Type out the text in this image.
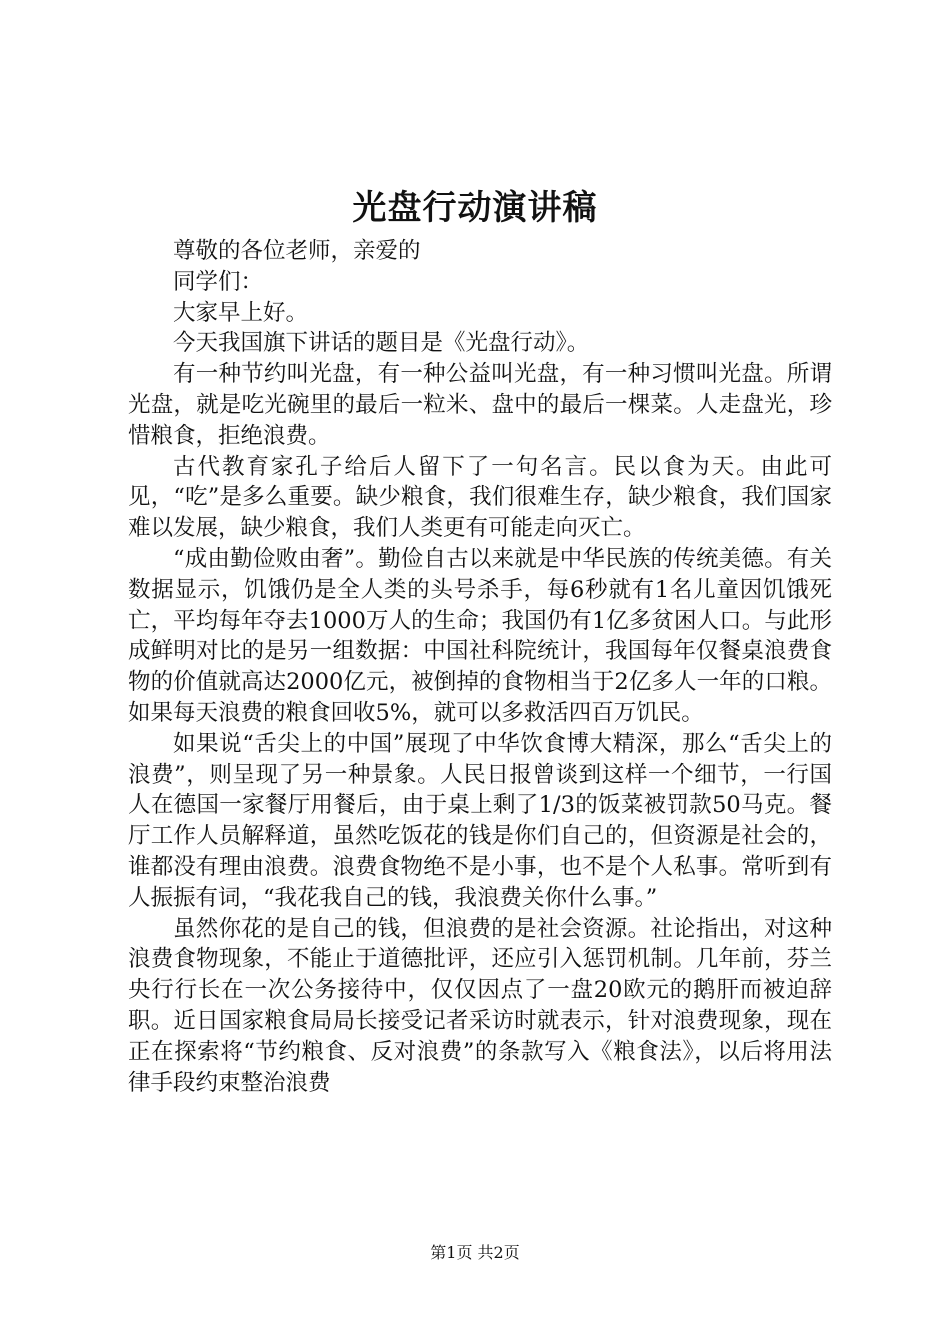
光盘行动演讲稿

尊敬的各位老师，亲爱的

同学们：

大家早上好。

今天我国旗下讲话的题目是《光盘行动》。

有一种节约叫光盘，有一种公益叫光盘，有一种习惯叫光盘。所谓光盘，就是吃光碗里的最后一粒米、盘中的最后一棵菜。人走盘光，珍惜粮食，拒绝浪费。

古代教育家孔子给后人留下了一句名言。民以食为天。由此可见，“吃”是多么重要。缺少粮食，我们很难生存，缺少粮食，我们国家难以发展，缺少粮食，我们人类更有可能走向灭亡。

“成由勤俭败由奢”。勤俭自古以来就是中华民族的传统美德。有关数据显示，饥饿仍是全人类的头号杀手，每6秒就有1名儿童因饥饿死亡，平均每年夺去1000万人的生命；我国仍有1亿多贫困人口。与此形成鲜明对比的是另一组数据：中国社科院统计，我国每年仅餐桌浪费食物的价值就高达2000亿元，被倒掉的食物相当于2亿多人一年的口粮。如果每天浪费的粮食回收5%，就可以多救活四百万饥民。

如果说“舌尖上的中国”展现了中华饮食博大精深，那么“舌尖上的浪费”，则呈现了另一种景象。人民日报曾谈到这样一个细节，一行国人在德国一家餐厅用餐后，由于桌上剩了1/3的饭菜被罚款50马克。餐厅工作人员解释道，虽然吃饭花的钱是你们自己的，但资源是社会的，谁都没有理由浪费。浪费食物绝不是小事，也不是个人私事。常听到有人振振有词，“我花我自己的钱，我浪费关你什么事。”

虽然你花的是自己的钱，但浪费的是社会资源。社论指出，对这种浪费食物现象，不能止于道德批评，还应引入惩罚机制。几年前，芬兰央行行长在一次公务接待中，仅仅因点了一盘20欧元的鹅肝而被迫辞职。近日国家粮食局局长接受记者采访时就表示，针对浪费现象，现在正在探索将“节约粮食、反对浪费”的条款写入《粮食法》，以后将用法律手段约束整治浪费

第1页 共2页
